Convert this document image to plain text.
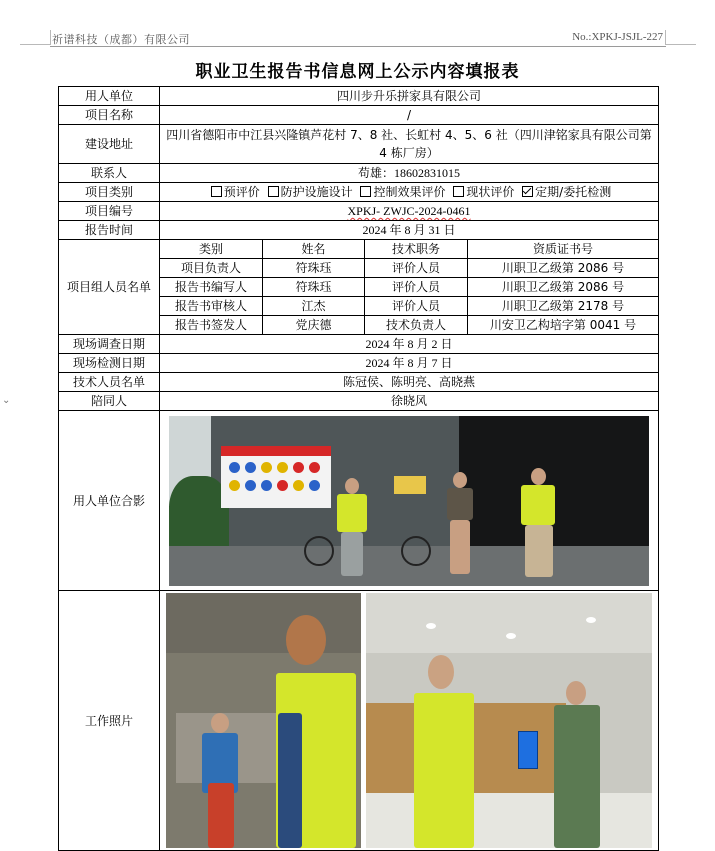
祈谱科技（成都）有限公司	No.:XPKJ-JSJL-227
⌄
职业卫生报告书信息网上公示内容填报表
用人单位	四川步升乐拼家具有限公司			
项目名称	/			
建设地址	四川省德阳市中江县兴隆镇芦花村 7、8 社、长虹村 4、5、6 社（四川津铭家具有限公司第 4 栋厂房）			
联系人	苟雄：18602831015			
项目类别	预评价 防护设施设计 控制效果评价 现状评价 定期/委托检测			
项目编号	XPKJ- ZWJC-2024-0461			
报告时间	2024 年 8 月 31 日			
项目组人员名单	类别	姓名	技术职务	资质证书号
	项目负责人	符珠珏	评价人员	川职卫乙级第 2086 号
	报告书编写人	符珠珏	评价人员	川职卫乙级第 2086 号
	报告书审核人	江杰	评价人员	川职卫乙级第 2178 号
	报告书签发人	党庆德	技术负责人	川安卫乙构培字第 0041 号
现场调查日期	2024 年 8 月 2 日			
现场检测日期	2024 年 8 月 7 日			
技术人员名单	陈冠侯、陈明亮、高晓燕			
陪同人	徐晓风			
用人单位合影				

工作照片				
